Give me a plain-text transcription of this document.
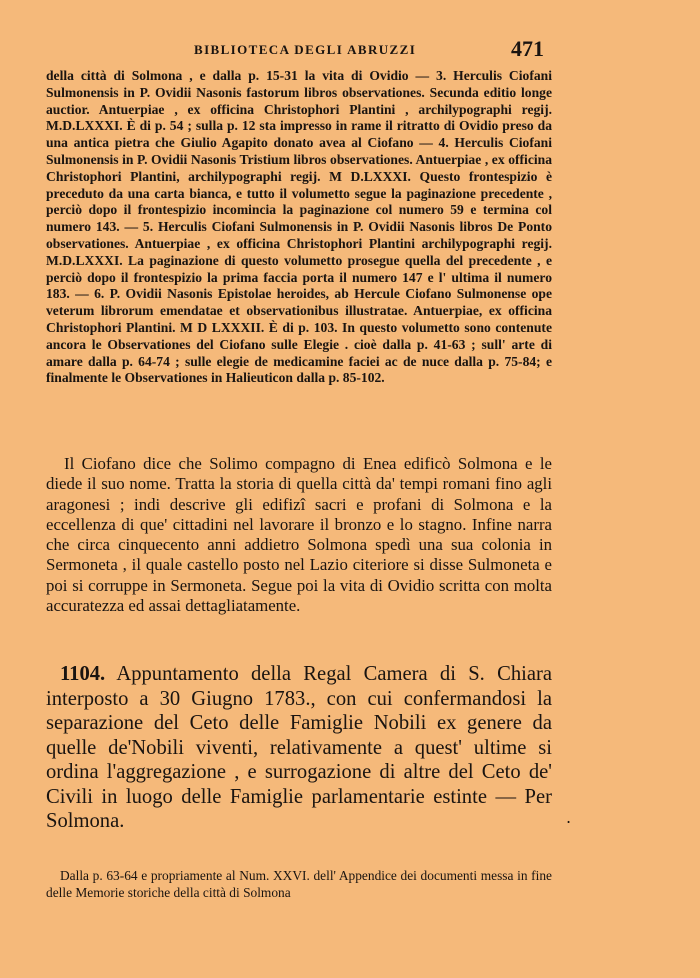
BIBLIOTECA DEGLI ABRUZZI	471
della città di Solmona , e dalla p. 15-31 la vita di Ovidio — 3. Herculis Ciofani Sulmonensis in P. Ovidii Nasonis fastorum libros observationes. Secunda editio longe auctior. Antuerpiae , ex officina Christophori Plantini , archilypographi regij. M.D.LXXXI. È di p. 54 ; sulla p. 12 sta impresso in rame il ritratto di Ovidio preso da una antica pietra che Giulio Agapito donato avea al Ciofano — 4. Herculis Ciofani Sulmonensis in P. Ovidii Nasonis Tristium libros observationes. Antuerpiae , ex officina Christophori Plantini, archilypographi regij. M D.LXXXI. Questo frontespizio è preceduto da una carta bianca, e tutto il volumetto segue la paginazione precedente , perciò dopo il frontespizio incomincia la paginazione col numero 59 e termina col numero 143. — 5. Herculis Ciofani Sulmonensis in P. Ovidii Nasonis libros De Ponto observationes. Antuerpiae , ex officina Christophori Plantini archilypographi regij. M.D.LXXXI. La paginazione di questo volumetto prosegue quella del precedente , e perciò dopo il frontespizio la prima faccia porta il numero 147 e l' ultima il numero 183. — 6. P. Ovidii Nasonis Epistolae heroides, ab Hercule Ciofano Sulmonense ope veterum librorum emendatae et observationibus illustratae. Antuerpiae, ex officina Christophori Plantini. M D LXXXII. È di p. 103. In questo volumetto sono contenute ancora le Observationes del Ciofano sulle Elegie . cioè dalla p. 41-63 ; sull' arte di amare dalla p. 64-74 ; sulle elegie de medicamine faciei ac de nuce dalla p. 75-84; e finalmente le Observationes in Halieuticon dalla p. 85-102.
Il Ciofano dice che Solimo compagno di Enea edificò Solmona e le diede il suo nome. Tratta la storia di quella città da' tempi romani fino agli aragonesi ; indi descrive gli edifizî sacri e profani di Solmona e la eccellenza di que' cittadini nel lavorare il bronzo e lo stagno. Infine narra che circa cinquecento anni addietro Solmona spedì una sua colonia in Sermoneta , il quale castello posto nel Lazio citeriore si disse Sulmoneta e poi si corruppe in Sermoneta. Segue poi la vita di Ovidio scritta con molta accuratezza ed assai dettagliatamente.
1104. Appuntamento della Regal Camera di S. Chiara interposto a 30 Giugno 1783., con cui confermandosi la separazione del Ceto delle Famiglie Nobili ex genere da quelle de'Nobili viventi, relativamente a quest' ultime si ordina l'aggregazione , e surrogazione di altre del Ceto de' Civili in luogo delle Famiglie parlamentarie estinte — Per Solmona.	.
Dalla p. 63-64 e propriamente al Num. XXVI. dell' Appendice dei documenti messa in fine delle Memorie storiche della città di Solmona
